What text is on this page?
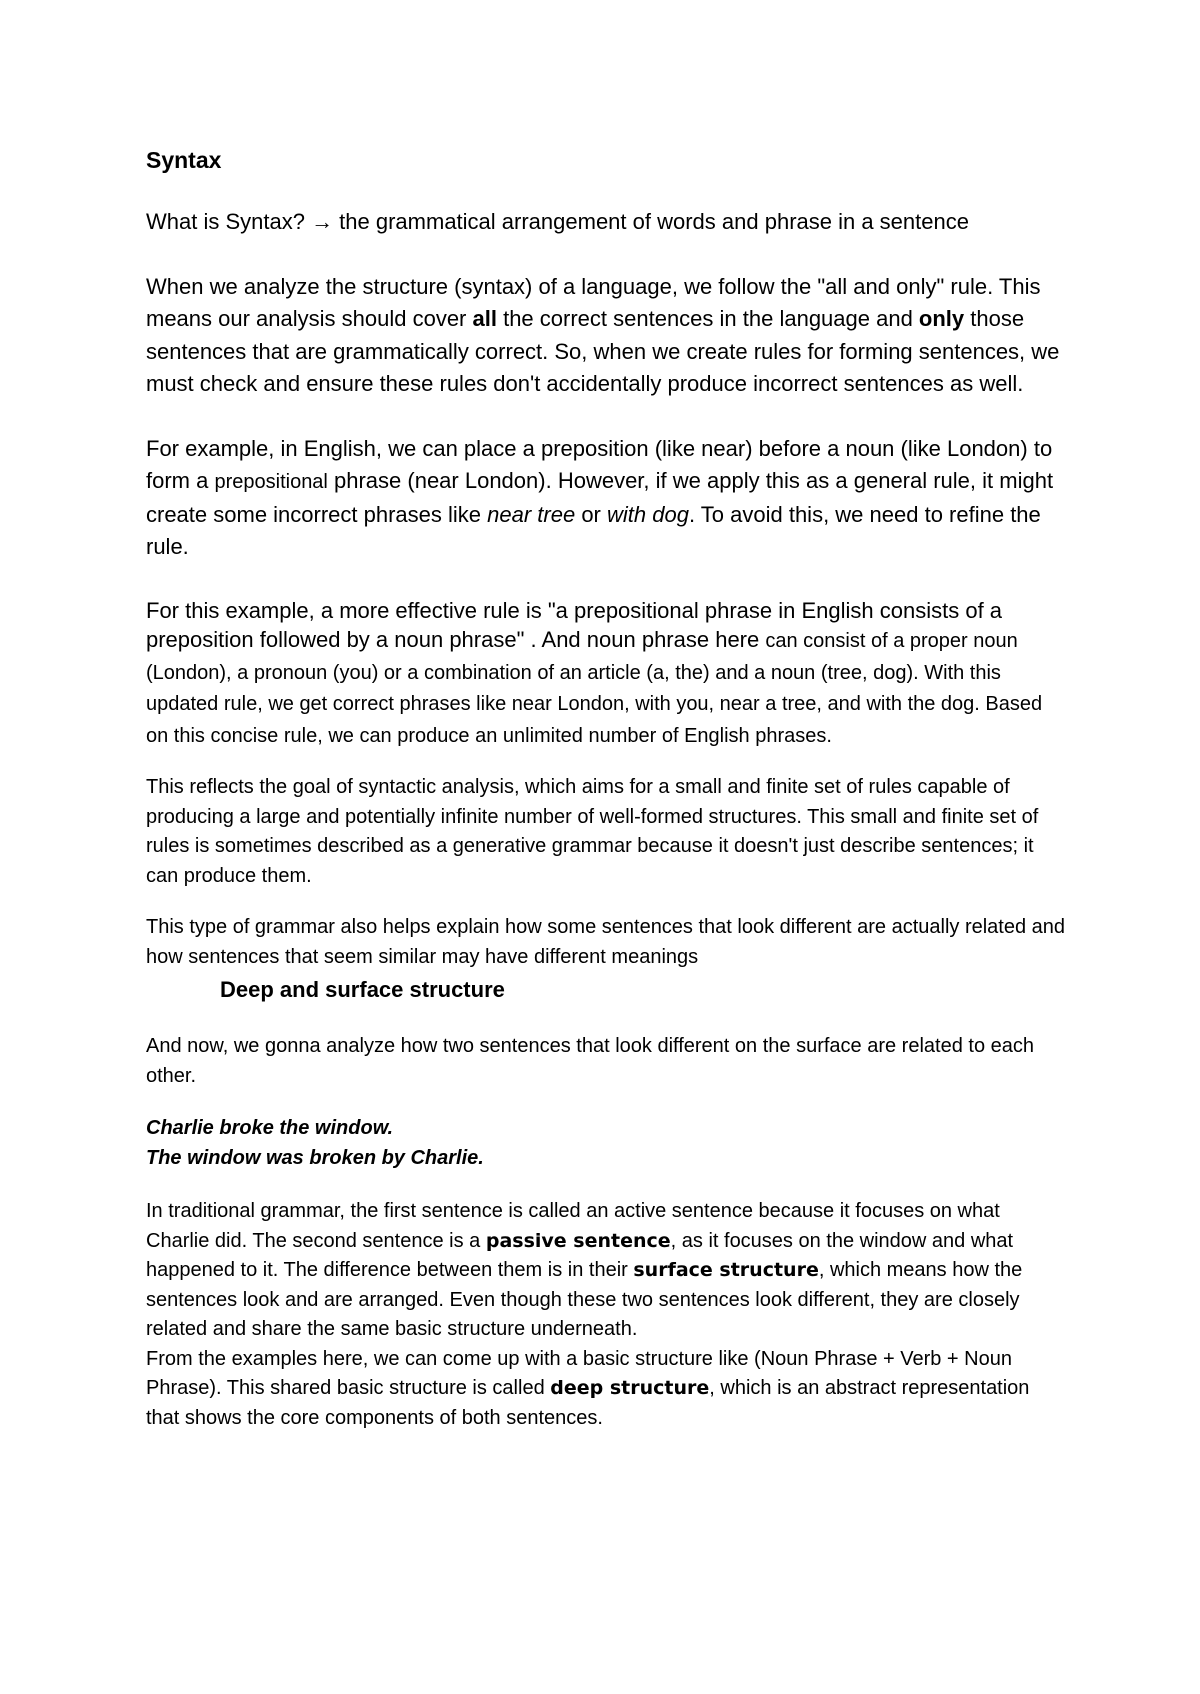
Syntax
What is Syntax? → the grammatical arrangement of words and phrase in a sentence
When we analyze the structure (syntax) of a language, we follow the "all and only" rule. This means our analysis should cover all the correct sentences in the language and only those sentences that are grammatically correct. So, when we create rules for forming sentences, we must check and ensure these rules don't accidentally produce incorrect sentences as well.
For example, in English, we can place a preposition (like near) before a noun (like London) to form a prepositional phrase (near London). However, if we apply this as a general rule, it might create some incorrect phrases like near tree or with dog. To avoid this, we need to refine the rule.
For this example, a more effective rule is "a prepositional phrase in English consists of a preposition followed by a noun phrase" . And noun phrase here can consist of a proper noun (London), a pronoun (you) or a combination of an article (a, the) and a noun (tree, dog). With this updated rule, we get correct phrases like near London, with you, near a tree, and with the dog. Based on this concise rule, we can produce an unlimited number of English phrases.
This reflects the goal of syntactic analysis, which aims for a small and finite set of rules capable of producing a large and potentially infinite number of well-formed structures. This small and finite set of rules is sometimes described as a generative grammar because it doesn't just describe sentences; it can produce them.
This type of grammar also helps explain how some sentences that look different are actually related and how sentences that seem similar may have different meanings
Deep and surface structure
And now, we gonna analyze how two sentences that look different on the surface are related to each other.
Charlie broke the window.
The window was broken by Charlie.
In traditional grammar, the first sentence is called an active sentence because it focuses on what Charlie did. The second sentence is a passive sentence, as it focuses on the window and what happened to it. The difference between them is in their surface structure, which means how the sentences look and are arranged. Even though these two sentences look different, they are closely related and share the same basic structure underneath.
From the examples here, we can come up with a basic structure like (Noun Phrase + Verb + Noun Phrase). This shared basic structure is called deep structure, which is an abstract representation that shows the core components of both sentences.
